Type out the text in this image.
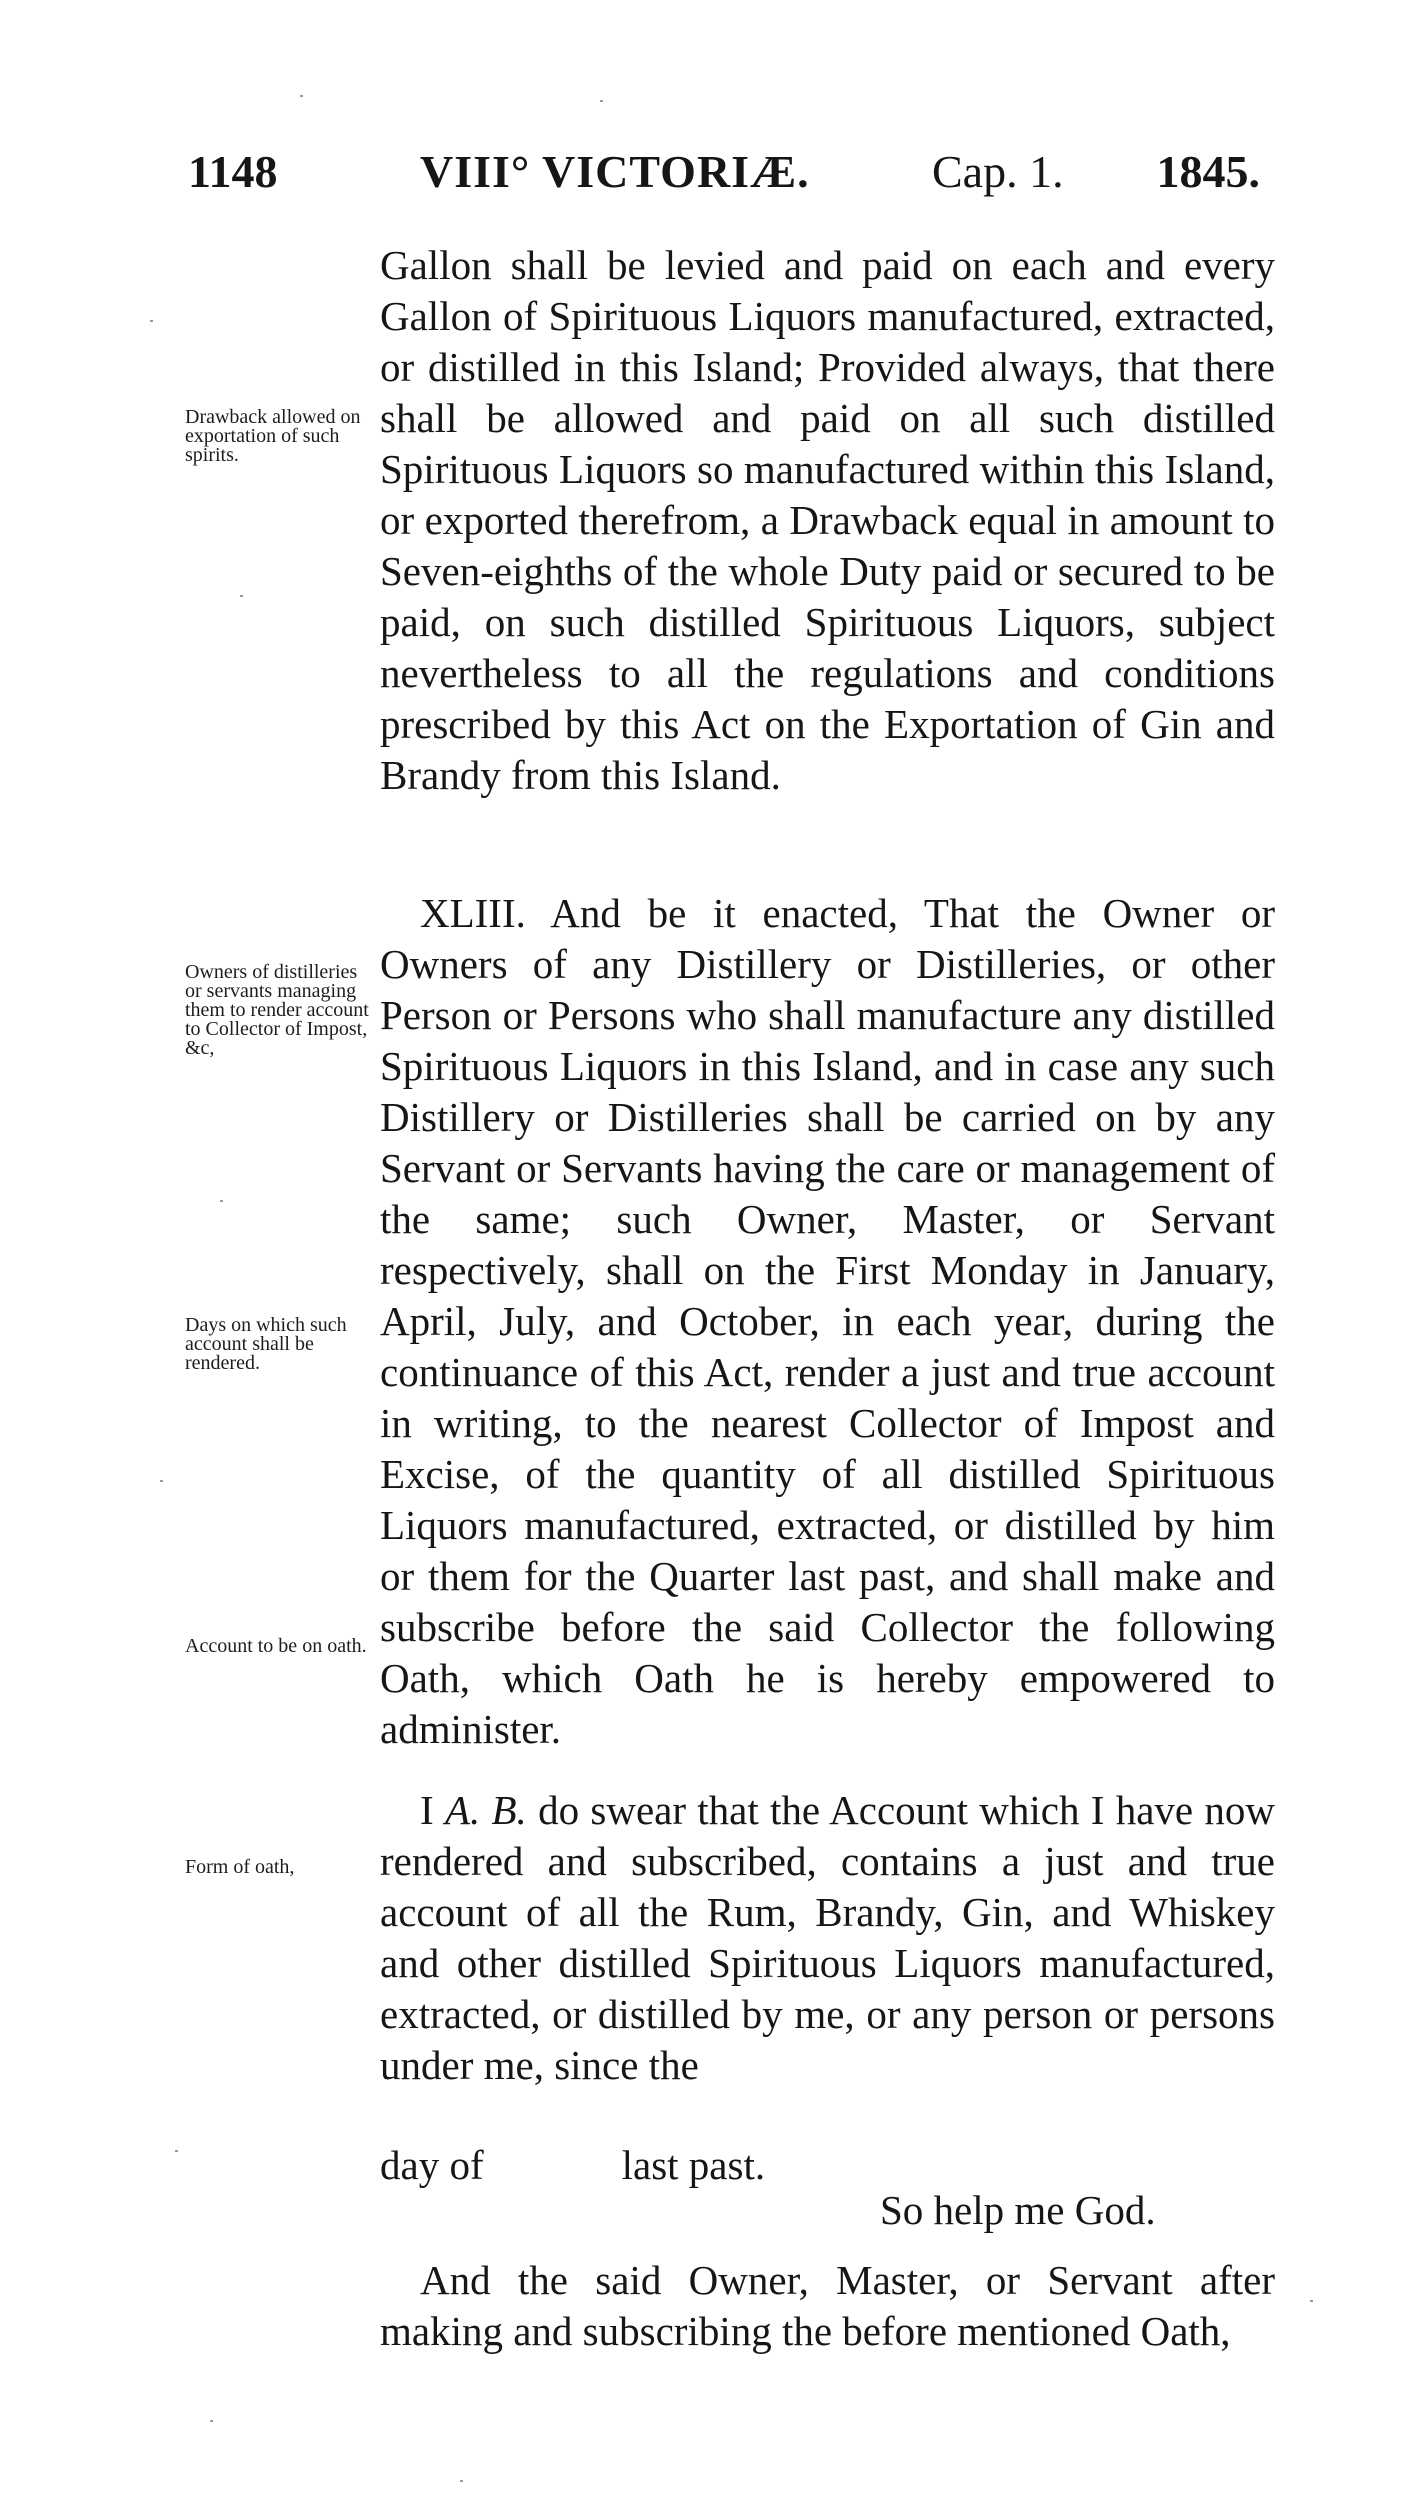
1148	VIII° VICTORIÆ.	Cap. 1. 1845.
Drawback allowed on exportation of such spirits.
Owners of distilleries or servants managing them to render account to Collector of Impost, &c,
Days on which such account shall be rendered.
Account to be on oath.
Form of oath,

Gallon shall be levied and paid on each and every Gallon of Spirituous Liquors manufactured, extracted, or distilled in this Island; Provided always, that there shall be allowed and paid on all such distilled Spirituous Liquors so manufactured within this Island, or exported therefrom, a Drawback equal in amount to Seven-eighths of the whole Duty paid or secured to be paid, on such distilled Spirituous Liquors, subject nevertheless to all the regulations and conditions prescribed by this Act on the Exportation of Gin and Brandy from this Island.

XLIII. And be it enacted, That the Owner or Owners of any Distillery or Distilleries, or other Person or Persons who shall manufacture any distilled Spirituous Liquors in this Island, and in case any such Distillery or Distilleries shall be carried on by any Servant or Servants having the care or management of the same; such Owner, Master, or Servant respectively, shall on the First Monday in January, April, July, and October, in each year, during the continuance of this Act, render a just and true account in writing, to the nearest Collector of Impost and Excise, of the quantity of all distilled Spirituous Liquors manufactured, extracted, or distilled by him or them for the Quarter last past, and shall make and subscribe before the said Collector the following Oath, which Oath he is hereby empowered to administer.

I A. B. do swear that the Account which I have now rendered and subscribed, contains a just and true account of all the Rum, Brandy, Gin, and Whiskey and other distilled Spirituous Liquors manufactured, extracted, or distilled by me, or any person or persons under me, since the

day of	last past.
So help me God.

And the said Owner, Master, or Servant after making and subscribing the before mentioned Oath,
